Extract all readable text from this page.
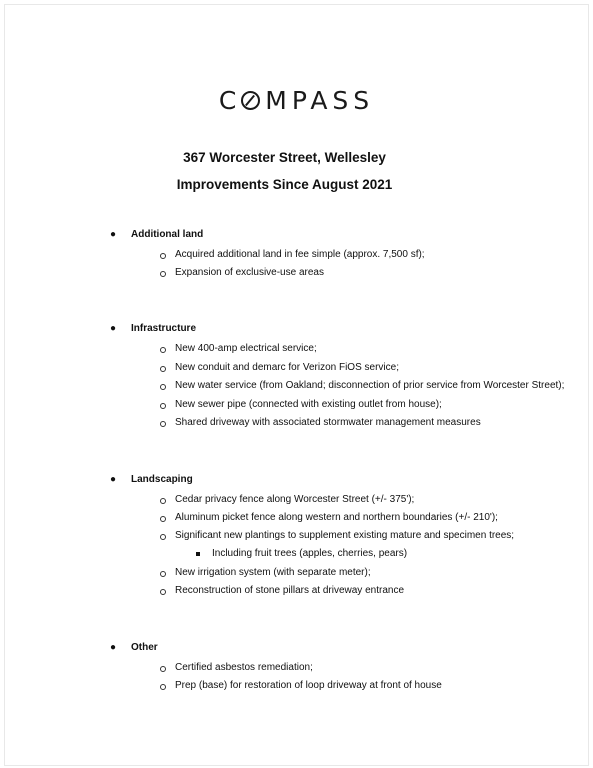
C MPASS
367 Worcester Street, Wellesley
Improvements Since August 2021
● Additional land
Acquired additional land in fee simple (approx. 7,500 sf);
Expansion of exclusive-use areas
● Infrastructure
New 400-amp electrical service;
New conduit and demarc for Verizon FiOS service;
New water service (from Oakland; disconnection of prior service from Worcester Street);
New sewer pipe (connected with existing outlet from house);
Shared driveway with associated stormwater management measures
● Landscaping
Cedar privacy fence along Worcester Street (+/- 375');
Aluminum picket fence along western and northern boundaries (+/- 210');
Significant new plantings to supplement existing mature and specimen trees;
Including fruit trees (apples, cherries, pears)
New irrigation system (with separate meter);
Reconstruction of stone pillars at driveway entrance
● Other
Certified asbestos remediation;
Prep (base) for restoration of loop driveway at front of house
